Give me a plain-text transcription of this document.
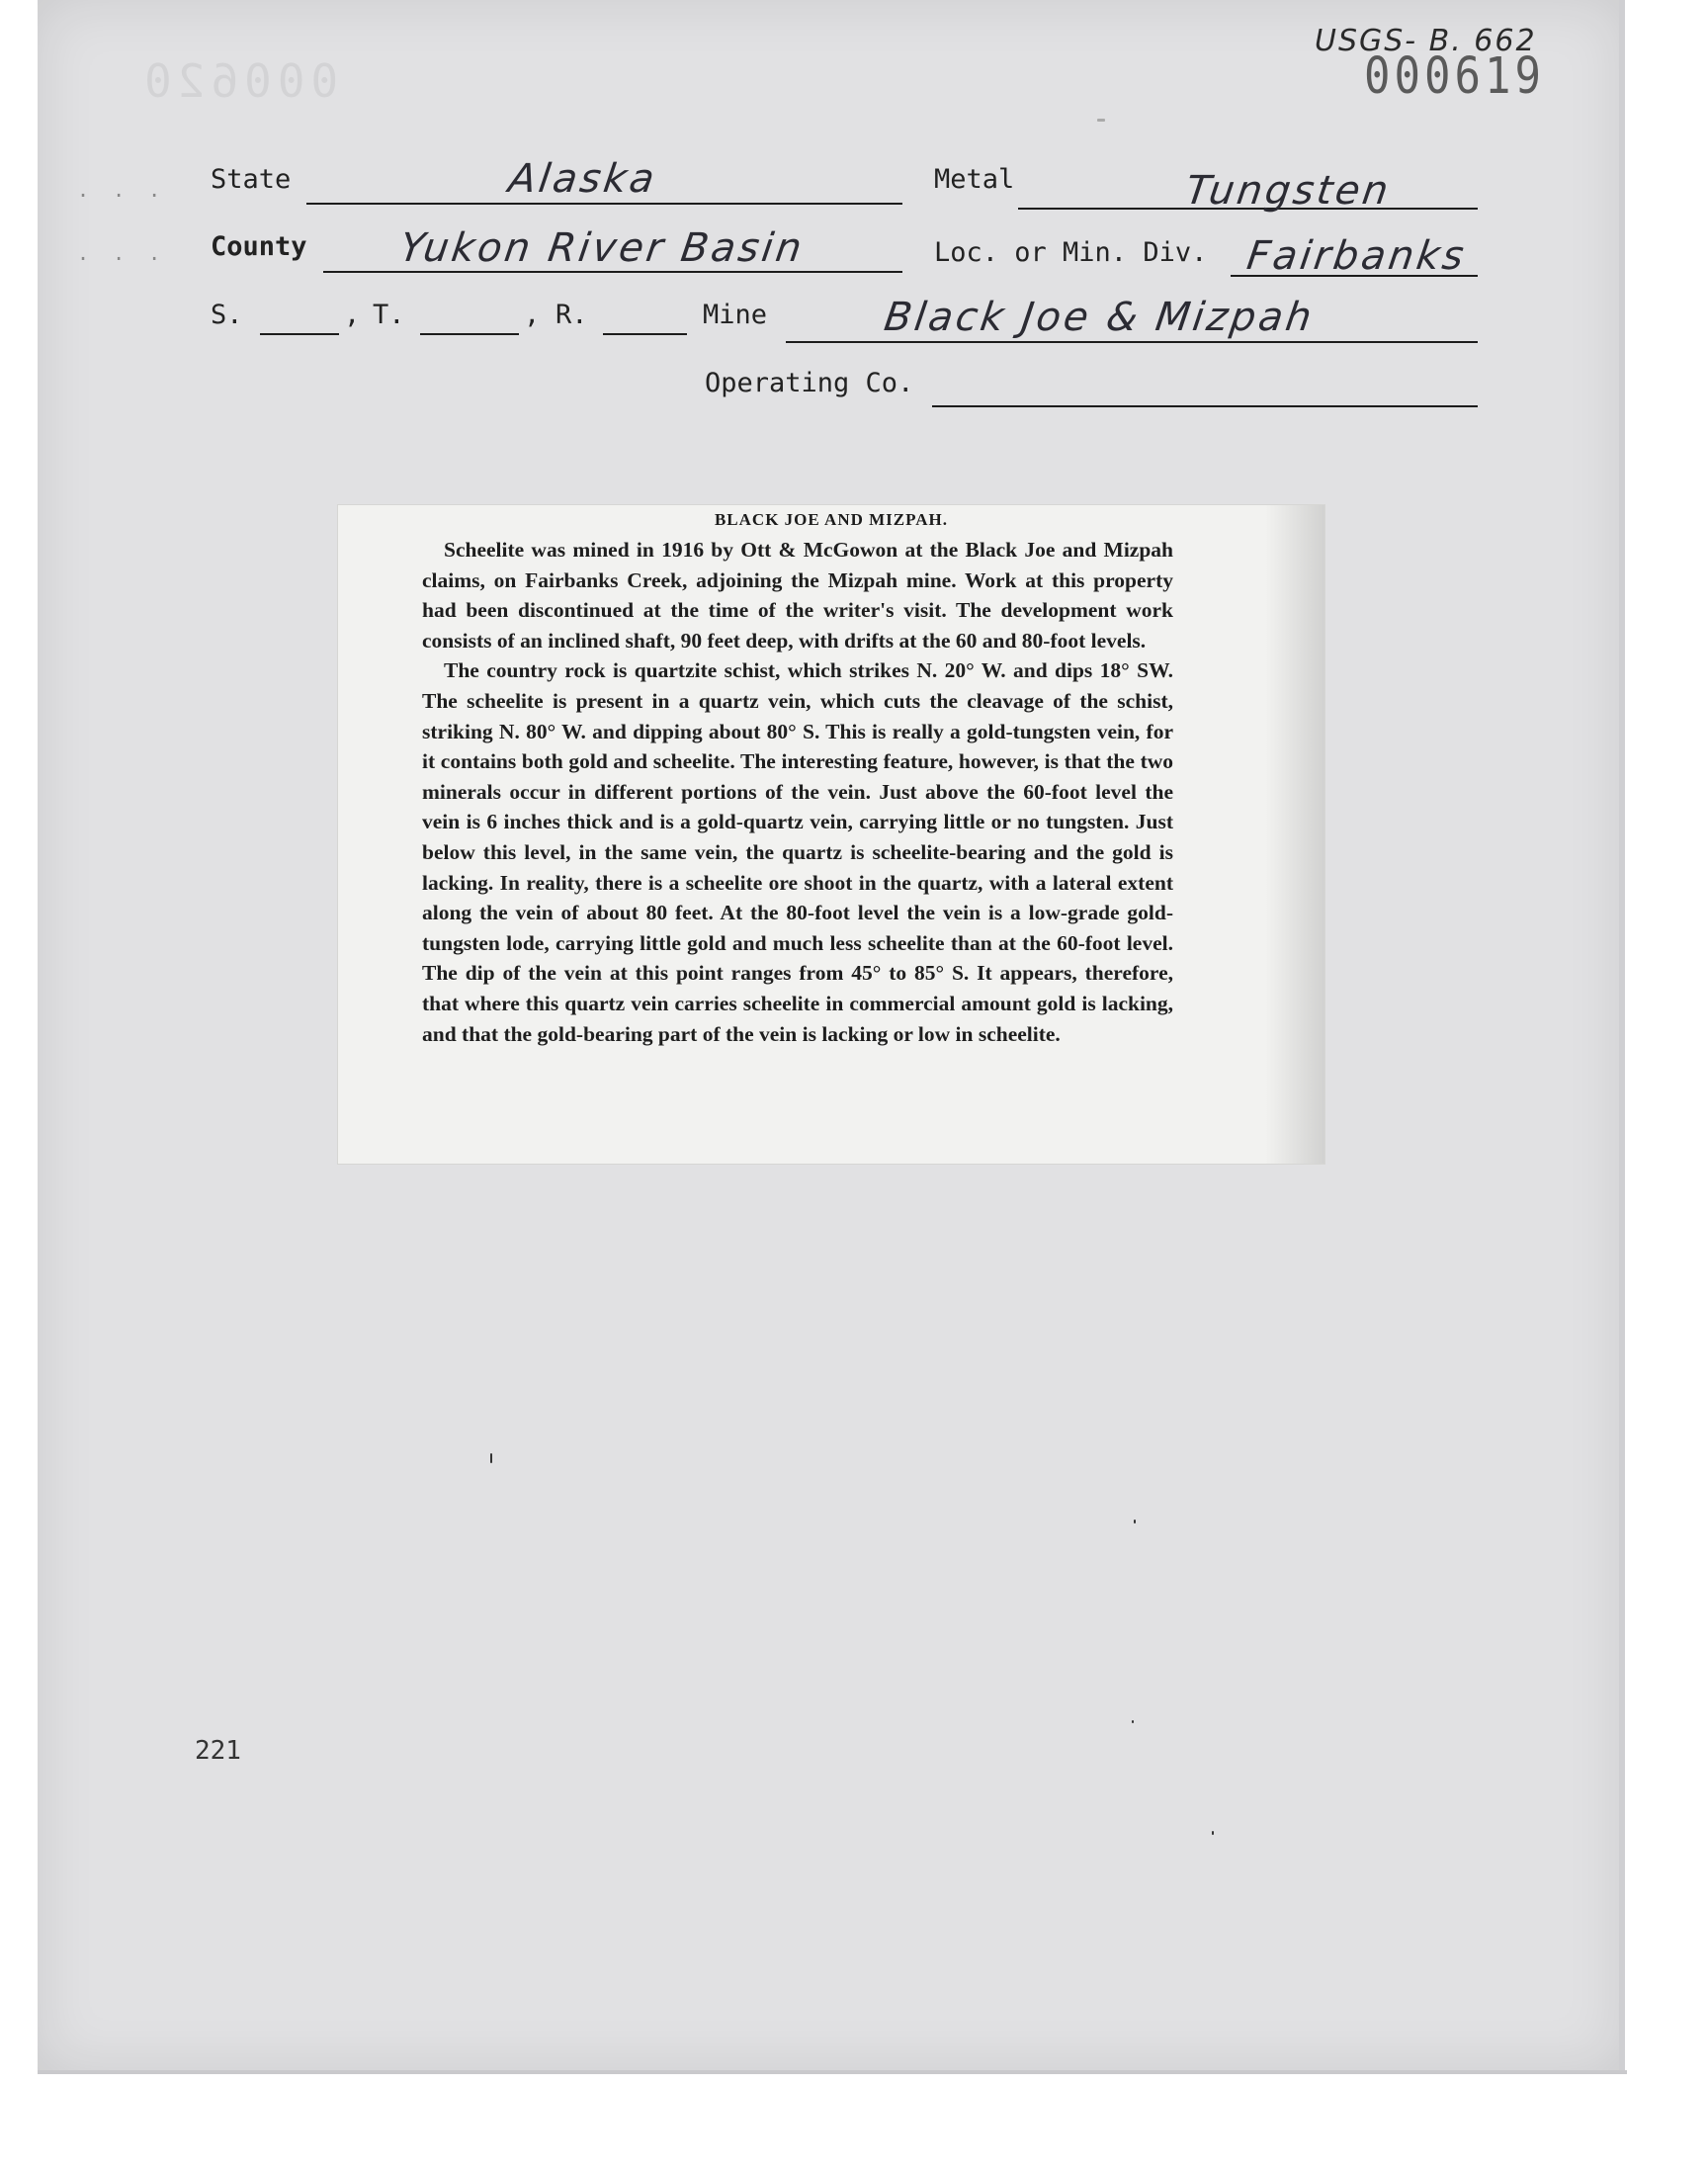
000620
USGS- B. 662
000619
. . .
. . .
State	Alaska	Metal	Tungsten
County Yukon River Basin	Loc. or Min. Div. Fairbanks
S.	, T.	, R.	Mine	Black Joe & Mizpah
Operating Co.
BLACK JOE AND MIZPAH.

Scheelite was mined in 1916 by Ott & McGowon at the Black Joe and Mizpah claims, on Fairbanks Creek, adjoining the Mizpah mine. Work at this property had been discontinued at the time of the writer's visit. The development work consists of an inclined shaft, 90 feet deep, with drifts at the 60 and 80-foot levels.

The country rock is quartzite schist, which strikes N. 20° W. and dips 18° SW. The scheelite is present in a quartz vein, which cuts the cleavage of the schist, striking N. 80° W. and dipping about 80° S. This is really a gold-tungsten vein, for it contains both gold and scheelite. The interesting feature, however, is that the two minerals occur in different portions of the vein. Just above the 60-foot level the vein is 6 inches thick and is a gold-quartz vein, carrying little or no tungsten. Just below this level, in the same vein, the quartz is scheelite-bearing and the gold is lacking. In reality, there is a scheelite ore shoot in the quartz, with a lateral extent along the vein of about 80 feet. At the 80-foot level the vein is a low-grade gold-tungsten lode, carrying little gold and much less scheelite than at the 60-foot level. The dip of the vein at this point ranges from 45° to 85° S. It appears, therefore, that where this quartz vein carries scheelite in commercial amount gold is lacking, and that the gold-bearing part of the vein is lacking or low in scheelite.

221
